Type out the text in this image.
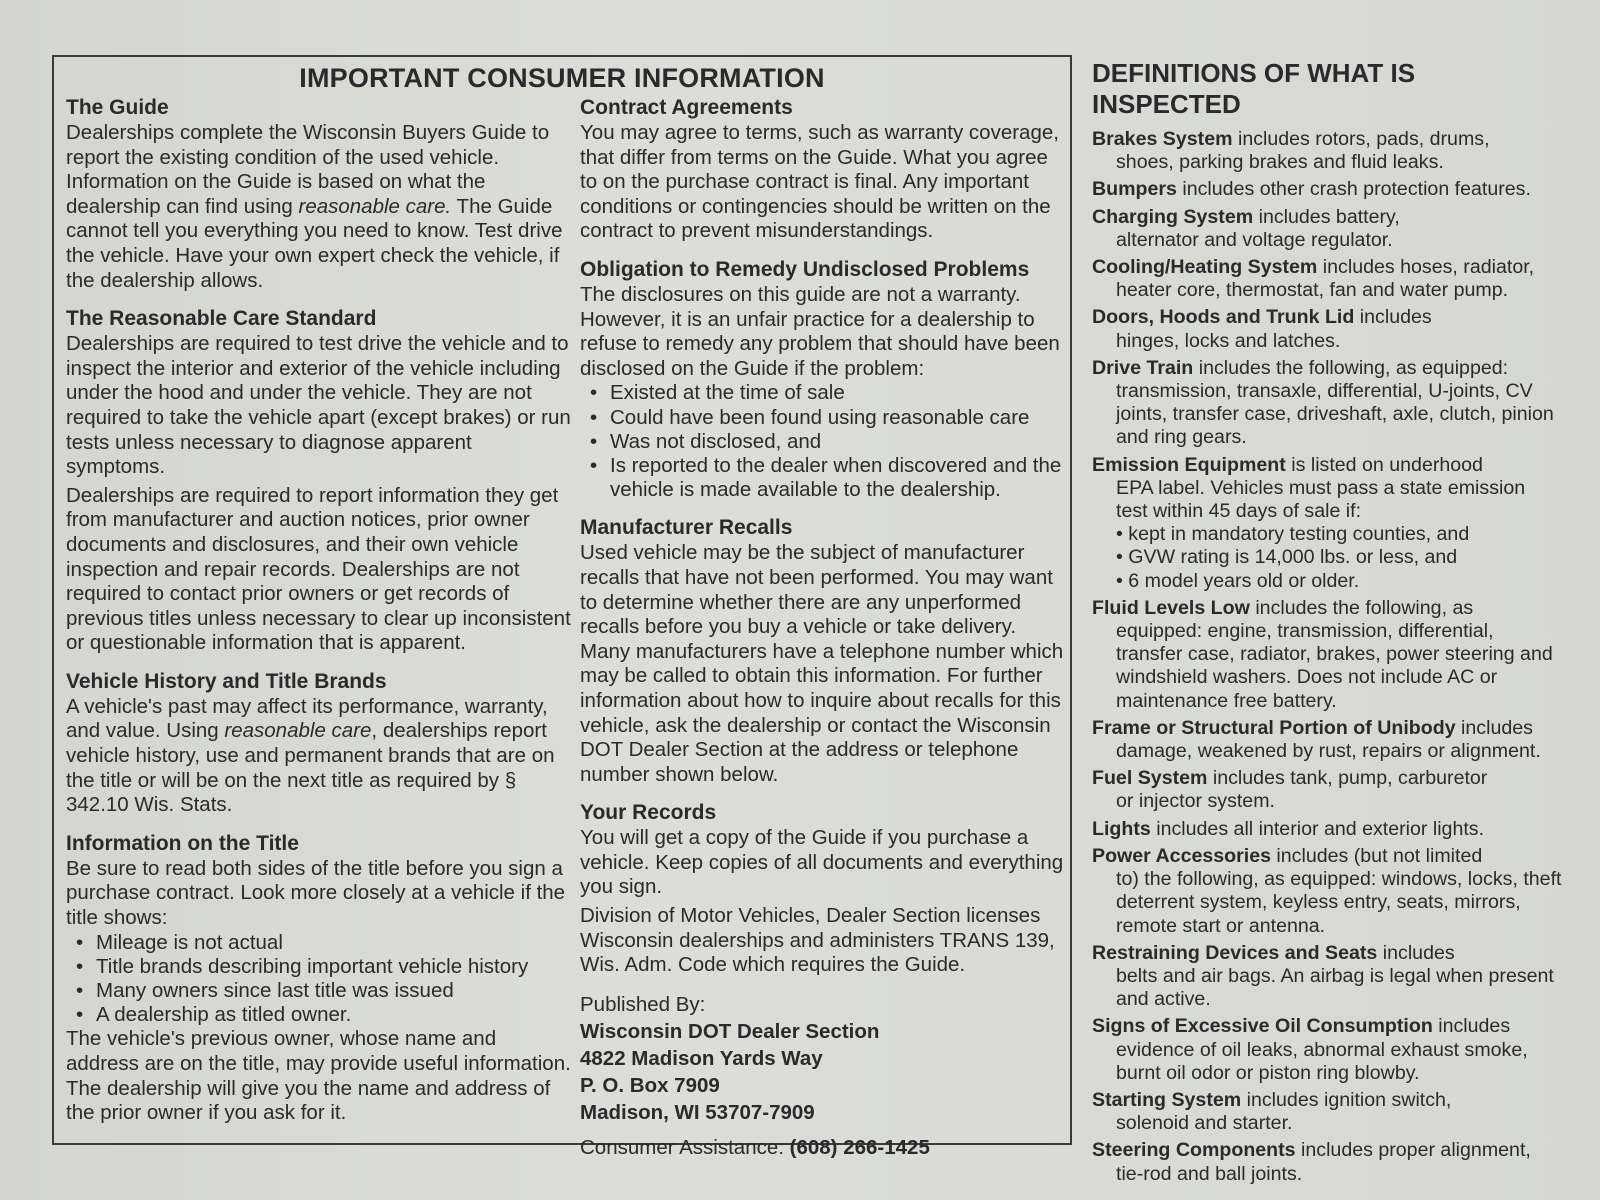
IMPORTANT CONSUMER INFORMATION
The Guide

Dealerships complete the Wisconsin Buyers Guide to report the existing condition of the used vehicle. Information on the Guide is based on what the dealership can find using reasonable care. The Guide cannot tell you everything you need to know. Test drive the vehicle. Have your own expert check the vehicle, if the dealership allows.

The Reasonable Care Standard

Dealerships are required to test drive the vehicle and to inspect the interior and exterior of the vehicle including under the hood and under the vehicle. They are not required to take the vehicle apart (except brakes) or run tests unless necessary to diagnose apparent symptoms.

Dealerships are required to report information they get from manufacturer and auction notices, prior owner documents and disclosures, and their own vehicle inspection and repair records. Dealerships are not required to contact prior owners or get records of previous titles unless necessary to clear up inconsistent or questionable information that is apparent.

Vehicle History and Title Brands

A vehicle's past may affect its performance, warranty, and value. Using reasonable care, dealerships report vehicle history, use and permanent brands that are on the title or will be on the next title as required by § 342.10 Wis. Stats.

Information on the Title

Be sure to read both sides of the title before you sign a purchase contract. Look more closely at a vehicle if the title shows:

• Mileage is not actual
• Title brands describing important vehicle history
• Many owners since last title was issued
• A dealership as titled owner.

The vehicle's previous owner, whose name and address are on the title, may provide useful information. The dealership will give you the name and address of the prior owner if you ask for it.

Contract Agreements

You may agree to terms, such as warranty coverage, that differ from terms on the Guide. What you agree to on the purchase contract is final. Any important conditions or contingencies should be written on the contract to prevent misunderstandings.

Obligation to Remedy Undisclosed Problems

The disclosures on this guide are not a warranty. However, it is an unfair practice for a dealership to refuse to remedy any problem that should have been disclosed on the Guide if the problem:

• Existed at the time of sale
• Could have been found using reasonable care
• Was not disclosed, and
• Is reported to the dealer when discovered and the vehicle is made available to the dealership.
Manufacturer Recalls

Used vehicle may be the subject of manufacturer recalls that have not been performed. You may want to determine whether there are any unperformed recalls before you buy a vehicle or take delivery. Many manufacturers have a telephone number which may be called to obtain this information. For further information about how to inquire about recalls for this vehicle, ask the dealership or contact the Wisconsin DOT Dealer Section at the address or telephone number shown below.

Your Records

You will get a copy of the Guide if you purchase a vehicle. Keep copies of all documents and everything you sign.

Division of Motor Vehicles, Dealer Section licenses Wisconsin dealerships and administers TRANS 139, Wis. Adm. Code which requires the Guide.

Published By:
Wisconsin DOT Dealer Section
4822 Madison Yards Way
P. O. Box 7909
Madison, WI 53707-7909
Consumer Assistance: (608) 266-1425
DEFINITIONS OF WHAT IS INSPECTED
Brakes System includes rotors, pads, drums,
shoes, parking brakes and fluid leaks.
Bumpers includes other crash protection features.
Charging System includes battery,
alternator and voltage regulator.
Cooling/Heating System includes hoses, radiator,
heater core, thermostat, fan and water pump.
Doors, Hoods and Trunk Lid includes
hinges, locks and latches.
Drive Train includes the following, as equipped:
transmission, transaxle, differential, U-joints, CV joints, transfer case, driveshaft, axle, clutch, pinion and ring gears.
Emission Equipment is listed on underhood
EPA label. Vehicles must pass a state emission test within 45 days of sale if:
• kept in mandatory testing counties, and
• GVW rating is 14,000 lbs. or less, and
• 6 model years old or older.
Fluid Levels Low includes the following, as
equipped: engine, transmission, differential, transfer case, radiator, brakes, power steering and windshield washers. Does not include AC or maintenance free battery.
Frame or Structural Portion of Unibody includes
damage, weakened by rust, repairs or alignment.
Fuel System includes tank, pump, carburetor
or injector system.
Lights includes all interior and exterior lights.
Power Accessories includes (but not limited
to) the following, as equipped: windows, locks, theft deterrent system, keyless entry, seats, mirrors, remote start or antenna.
Restraining Devices and Seats includes
belts and air bags. An airbag is legal when present and active.
Signs of Excessive Oil Consumption includes
evidence of oil leaks, abnormal exhaust smoke, burnt oil odor or piston ring blowby.
Starting System includes ignition switch,
solenoid and starter.
Steering Components includes proper alignment,
tie-rod and ball joints.
